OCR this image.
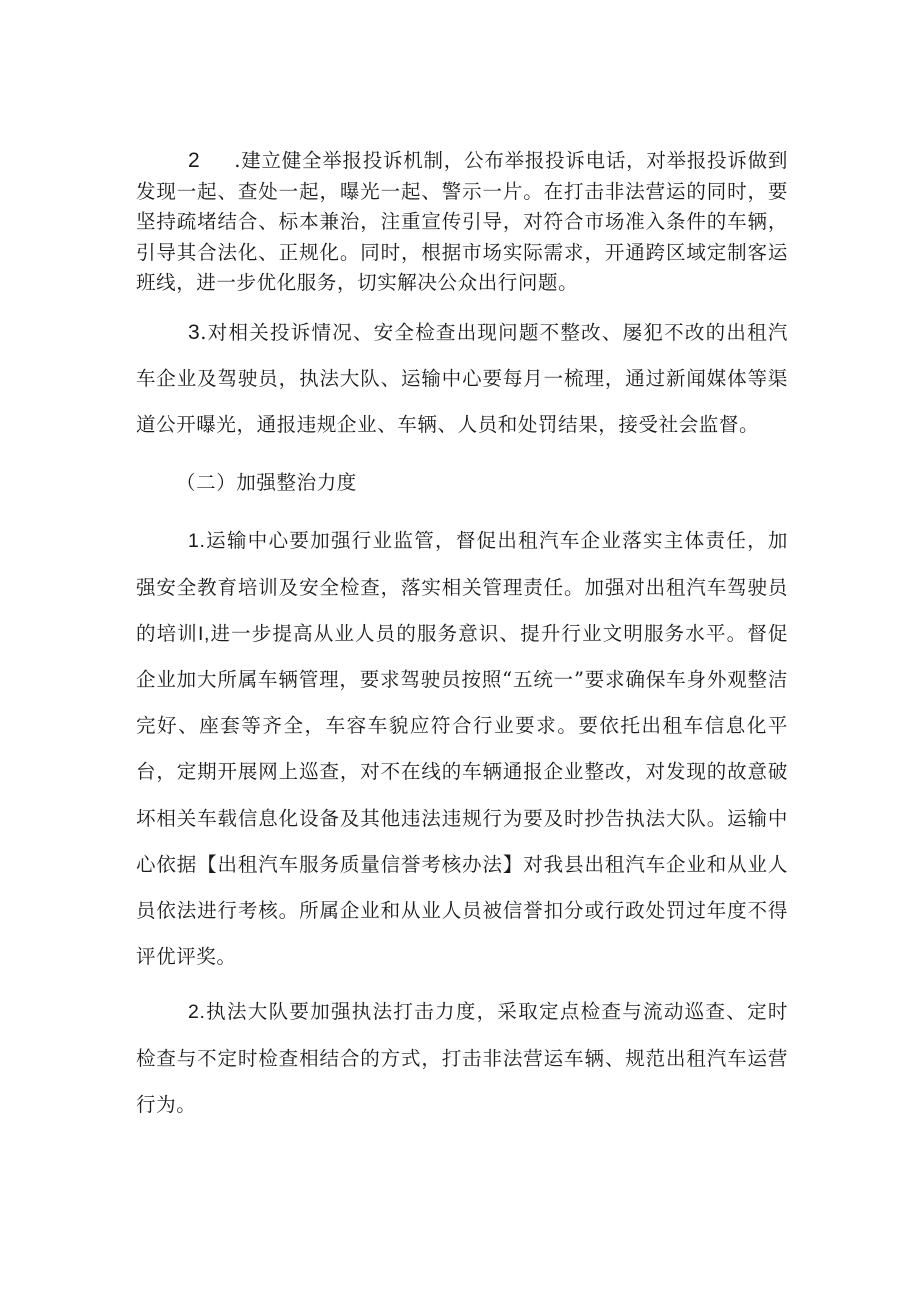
2 .建立健全举报投诉机制，公布举报投诉电话，对举报投诉做到发现一起、查处一起，曝光一起、警示一片。在打击非法营运的同时，要坚持疏堵结合、标本兼治，注重宣传引导，对符合市场准入条件的车辆，引导其合法化、正规化。同时，根据市场实际需求，开通跨区域定制客运班线，进一步优化服务，切实解决公众出行问题。

3.对相关投诉情况、安全检查出现问题不整改、屡犯不改的出租汽车企业及驾驶员，执法大队、运输中心要每月一梳理，通过新闻媒体等渠道公开曝光，通报违规企业、车辆、人员和处罚结果，接受社会监督。

（二）加强整治力度

1.运输中心要加强行业监管，督促出租汽车企业落实主体责任，加强安全教育培训及安全检查，落实相关管理责任。加强对出租汽车驾驶员的培训I,进一步提高从业人员的服务意识、提升行业文明服务水平。督促企业加大所属车辆管理，要求驾驶员按照“五统一”要求确保车身外观整洁完好、座套等齐全，车容车貌应符合行业要求。要依托出租车信息化平台，定期开展网上巡查，对不在线的车辆通报企业整改，对发现的故意破坏相关车载信息化设备及其他违法违规行为要及时抄告执法大队。运输中心依据【出租汽车服务质量信誉考核办法】对我县出租汽车企业和从业人员依法进行考核。所属企业和从业人员被信誉扣分或行政处罚过年度不得评优评奖。

2.执法大队要加强执法打击力度，采取定点检查与流动巡查、定时检查与不定时检查相结合的方式，打击非法营运车辆、规范出租汽车运营行为。
